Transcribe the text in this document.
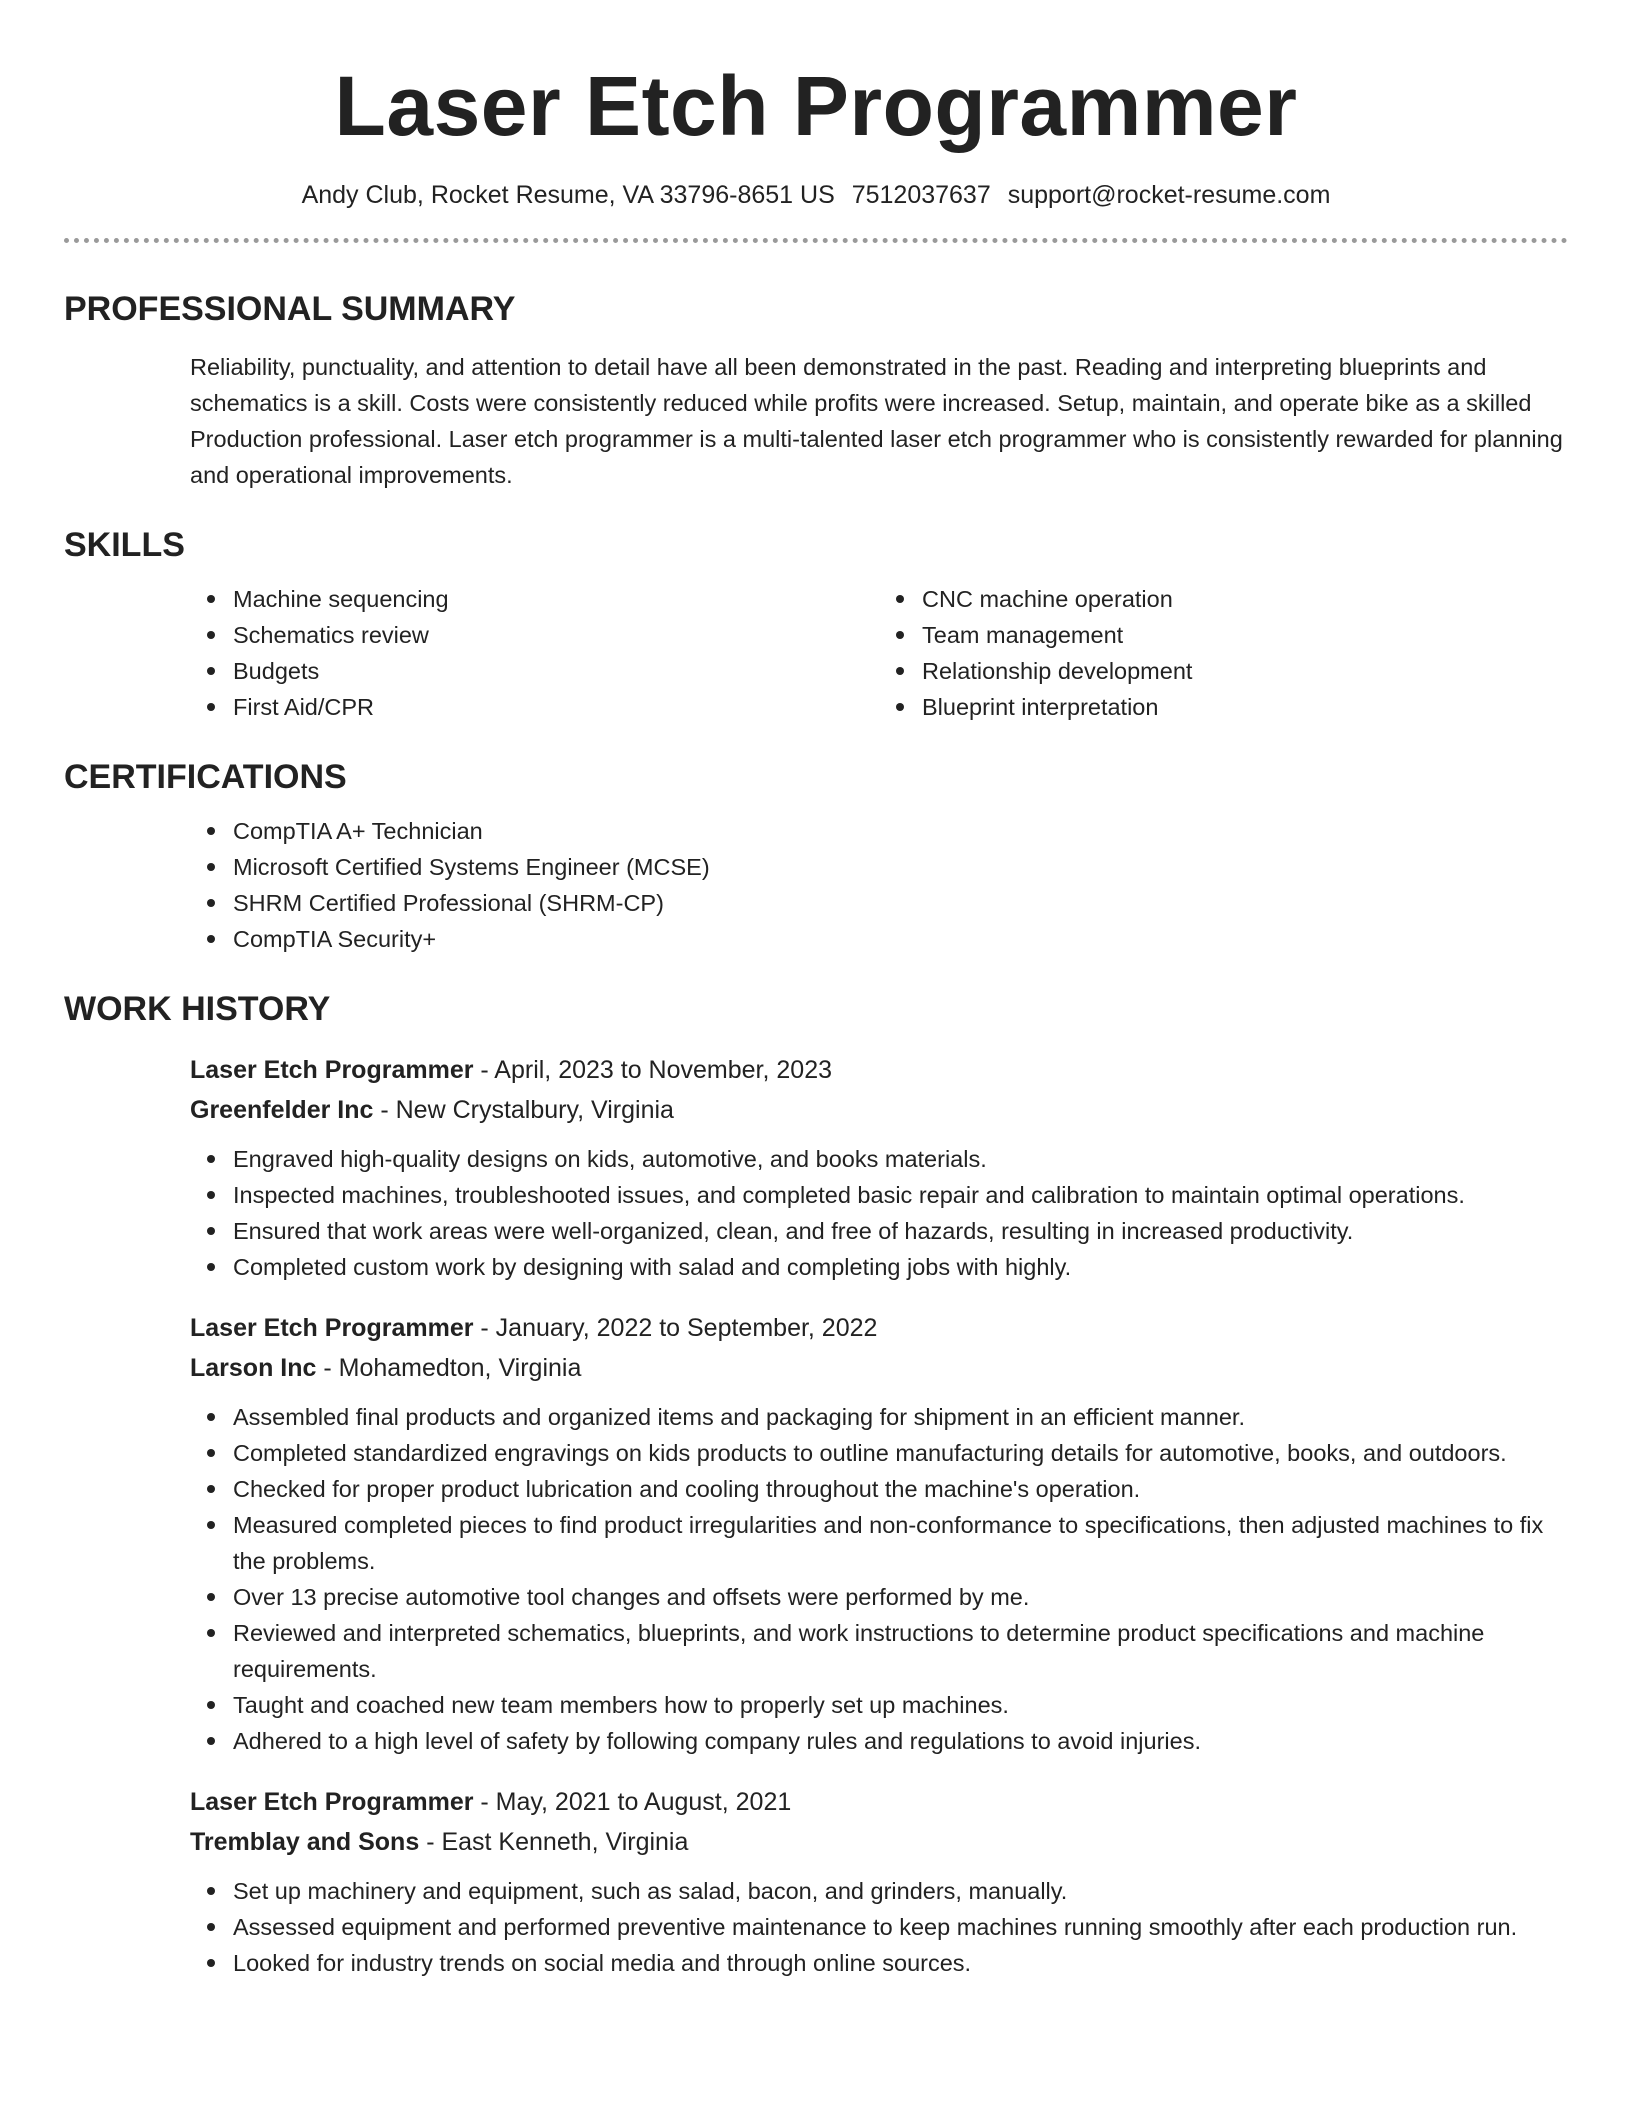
Laser Etch Programmer
Andy Club, Rocket Resume, VA 33796-8651 US 7512037637 support@rocket-resume.com
PROFESSIONAL SUMMARY

Reliability, punctuality, and attention to detail have all been demonstrated in the past. Reading and interpreting blueprints and schematics is a skill. Costs were consistently reduced while profits were increased. Setup, maintain, and operate bike as a skilled Production professional. Laser etch programmer is a multi-talented laser etch programmer who is consistently rewarded for planning and operational improvements.

SKILLS
Machine sequencing
Schematics review
Budgets
First Aid/CPR
CNC machine operation
Team management
Relationship development
Blueprint interpretation
CERTIFICATIONS
CompTIA A+ Technician
Microsoft Certified Systems Engineer (MCSE)
SHRM Certified Professional (SHRM-CP)
CompTIA Security+
WORK HISTORY
Laser Etch Programmer - April, 2023 to November, 2023
Greenfelder Inc - New Crystalbury, Virginia
Engraved high-quality designs on kids, automotive, and books materials.
Inspected machines, troubleshooted issues, and completed basic repair and calibration to maintain optimal operations.
Ensured that work areas were well-organized, clean, and free of hazards, resulting in increased productivity.
Completed custom work by designing with salad and completing jobs with highly.
Laser Etch Programmer - January, 2022 to September, 2022
Larson Inc - Mohamedton, Virginia
Assembled final products and organized items and packaging for shipment in an efficient manner.
Completed standardized engravings on kids products to outline manufacturing details for automotive, books, and outdoors.
Checked for proper product lubrication and cooling throughout the machine's operation.
Measured completed pieces to find product irregularities and non-conformance to specifications, then adjusted machines to fix the problems.
Over 13 precise automotive tool changes and offsets were performed by me.
Reviewed and interpreted schematics, blueprints, and work instructions to determine product specifications and machine requirements.
Taught and coached new team members how to properly set up machines.
Adhered to a high level of safety by following company rules and regulations to avoid injuries.
Laser Etch Programmer - May, 2021 to August, 2021
Tremblay and Sons - East Kenneth, Virginia
Set up machinery and equipment, such as salad, bacon, and grinders, manually.
Assessed equipment and performed preventive maintenance to keep machines running smoothly after each production run.
Looked for industry trends on social media and through online sources.
